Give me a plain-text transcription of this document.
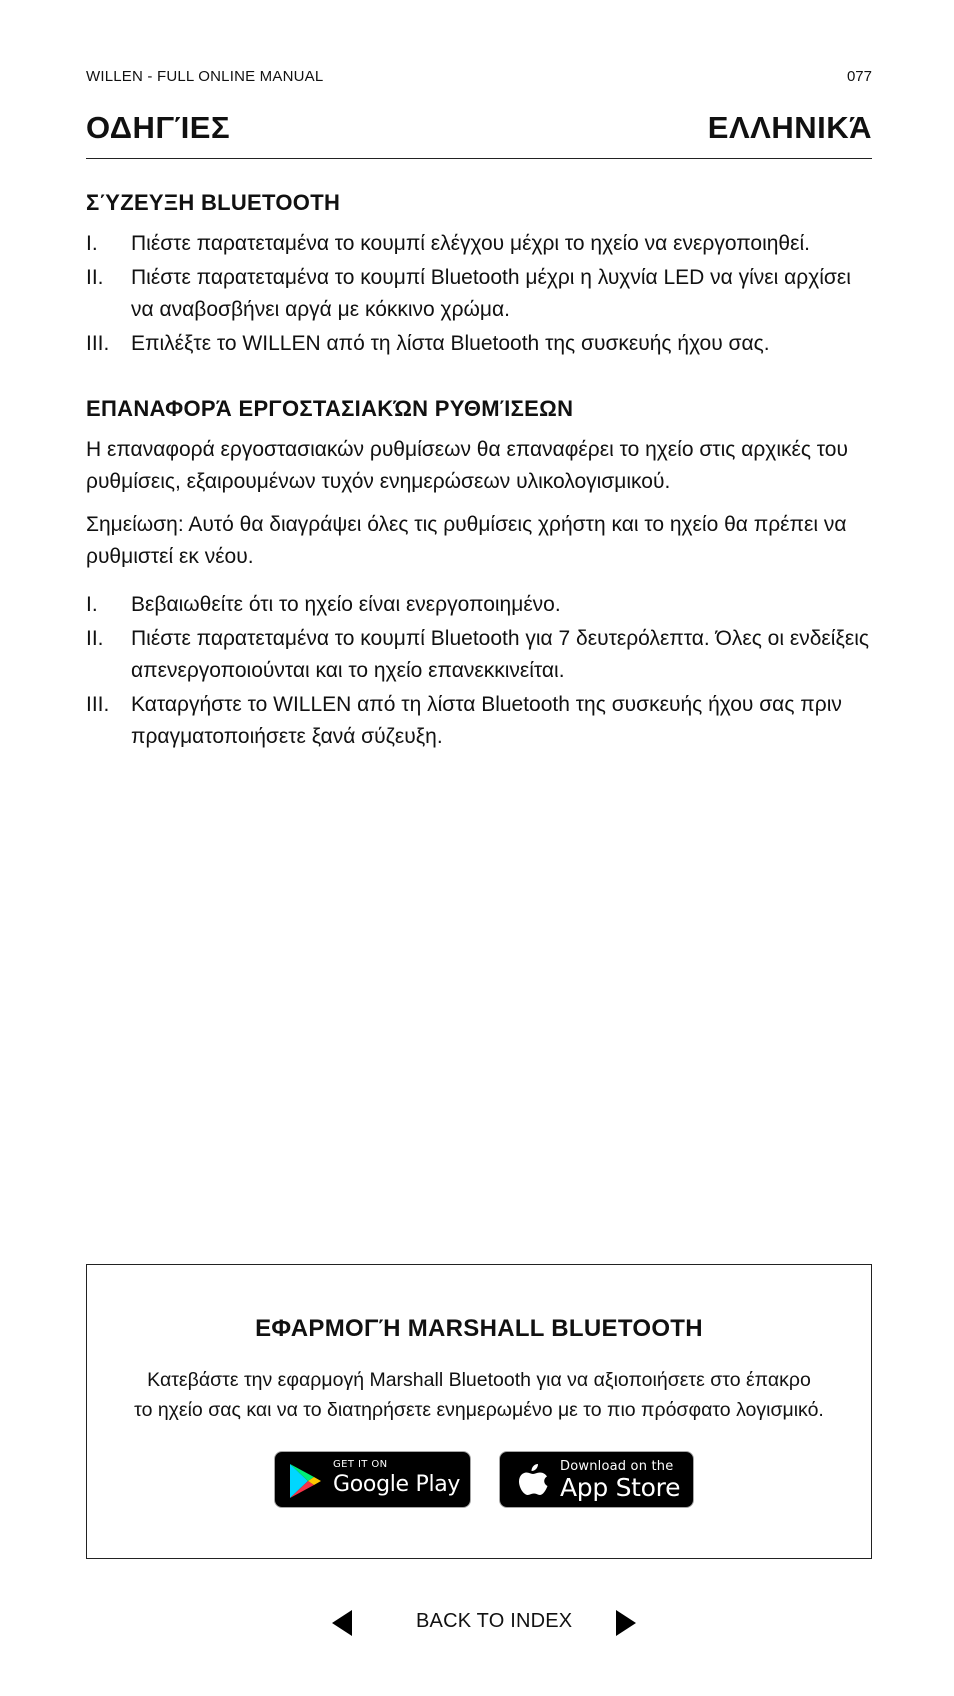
WILLEN - FULL ONLINE MANUAL	077
ΟΔΗΓΊΕΣ	ΕΛΛΗΝΙΚΆ
ΣΎΖΕΥΞΗ BLUETOOTH
I. Πιέστε παρατεταμένα το κουμπί ελέγχου μέχρι το ηχείο να ενεργοποιηθεί.
II. Πιέστε παρατεταμένα το κουμπί Bluetooth μέχρι η λυχνία LED να γίνει αρχίσει να αναβοσβήνει αργά με κόκκινο χρώμα.
III. Επιλέξτε το WILLEN από τη λίστα Bluetooth της συσκευής ήχου σας.
ΕΠΑΝΑΦΟΡΆ ΕΡΓΟΣΤΑΣΙΑΚΏΝ ΡΥΘΜΊΣΕΩΝ

Η επαναφορά εργοστασιακών ρυθμίσεων θα επαναφέρει το ηχείο στις αρχικές του ρυθμίσεις, εξαιρουμένων τυχόν ενημερώσεων υλικολογισμικού.

Σημείωση: Αυτό θα διαγράψει όλες τις ρυθμίσεις χρήστη και το ηχείο θα πρέπει να ρυθμιστεί εκ νέου.

I. Βεβαιωθείτε ότι το ηχείο είναι ενεργοποιημένο.
II. Πιέστε παρατεταμένα το κουμπί Bluetooth για 7 δευτερόλεπτα. Όλες οι ενδείξεις απενεργοποιούνται και το ηχείο επανεκκινείται.
III. Καταργήστε το WILLEN από τη λίστα Bluetooth της συσκευής ήχου σας πριν πραγματοποιήσετε ξανά σύζευξη.
ΕΦΑΡΜΟΓΉ MARSHALL BLUETOOTH
Κατεβάστε την εφαρμογή Marshall Bluetooth για να αξιοποιήσετε στο έπακρο
το ηχείο σας και να το διατηρήσετε ενημερωμένο με το πιο πρόσφατο λογισμικό.
GET IT ON
Google Play
Download on the
App Store
BACK TO INDEX
